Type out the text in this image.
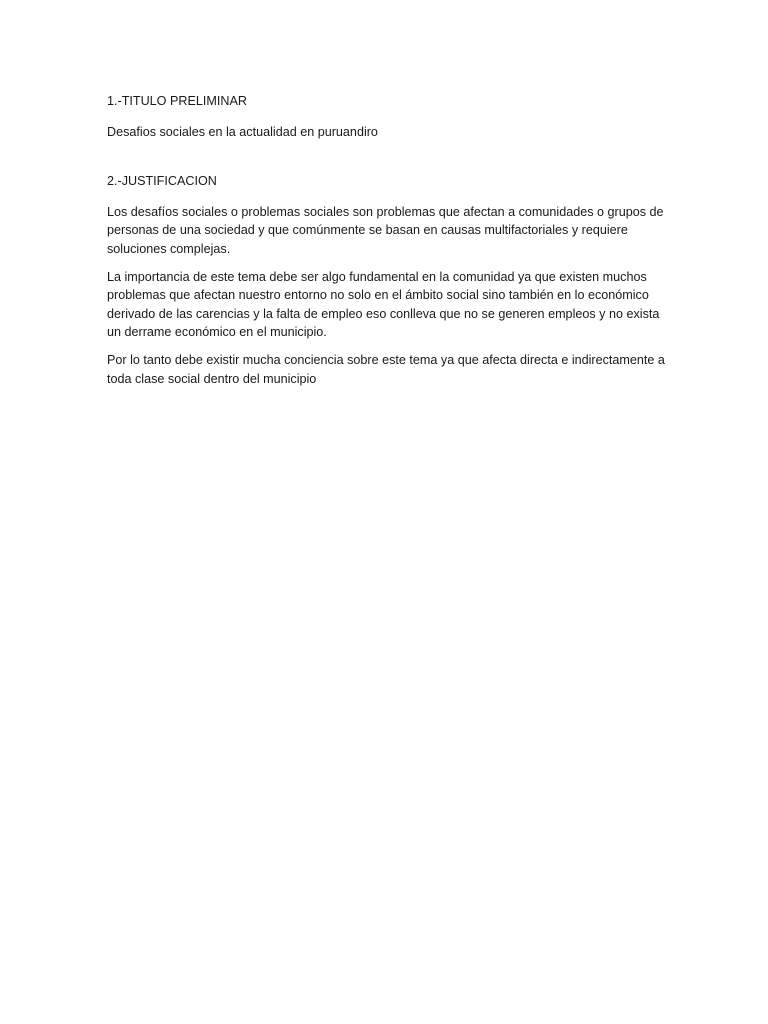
1.-TITULO PRELIMINAR

Desafios sociales en la actualidad en puruandiro

2.-JUSTIFICACION

Los desafíos sociales o problemas sociales son problemas que afectan a comunidades o grupos de personas de una sociedad y que comúnmente se basan en causas multifactoriales y requiere soluciones complejas.

La importancia de este tema debe ser algo fundamental en la comunidad ya que existen muchos problemas que afectan nuestro entorno no solo en el ámbito social sino también en lo económico derivado de las carencias y la falta de empleo eso conlleva que no se generen empleos y no exista un derrame económico en el municipio.

Por lo tanto debe existir mucha conciencia sobre este tema ya que afecta directa e indirectamente a toda clase social dentro del municipio
